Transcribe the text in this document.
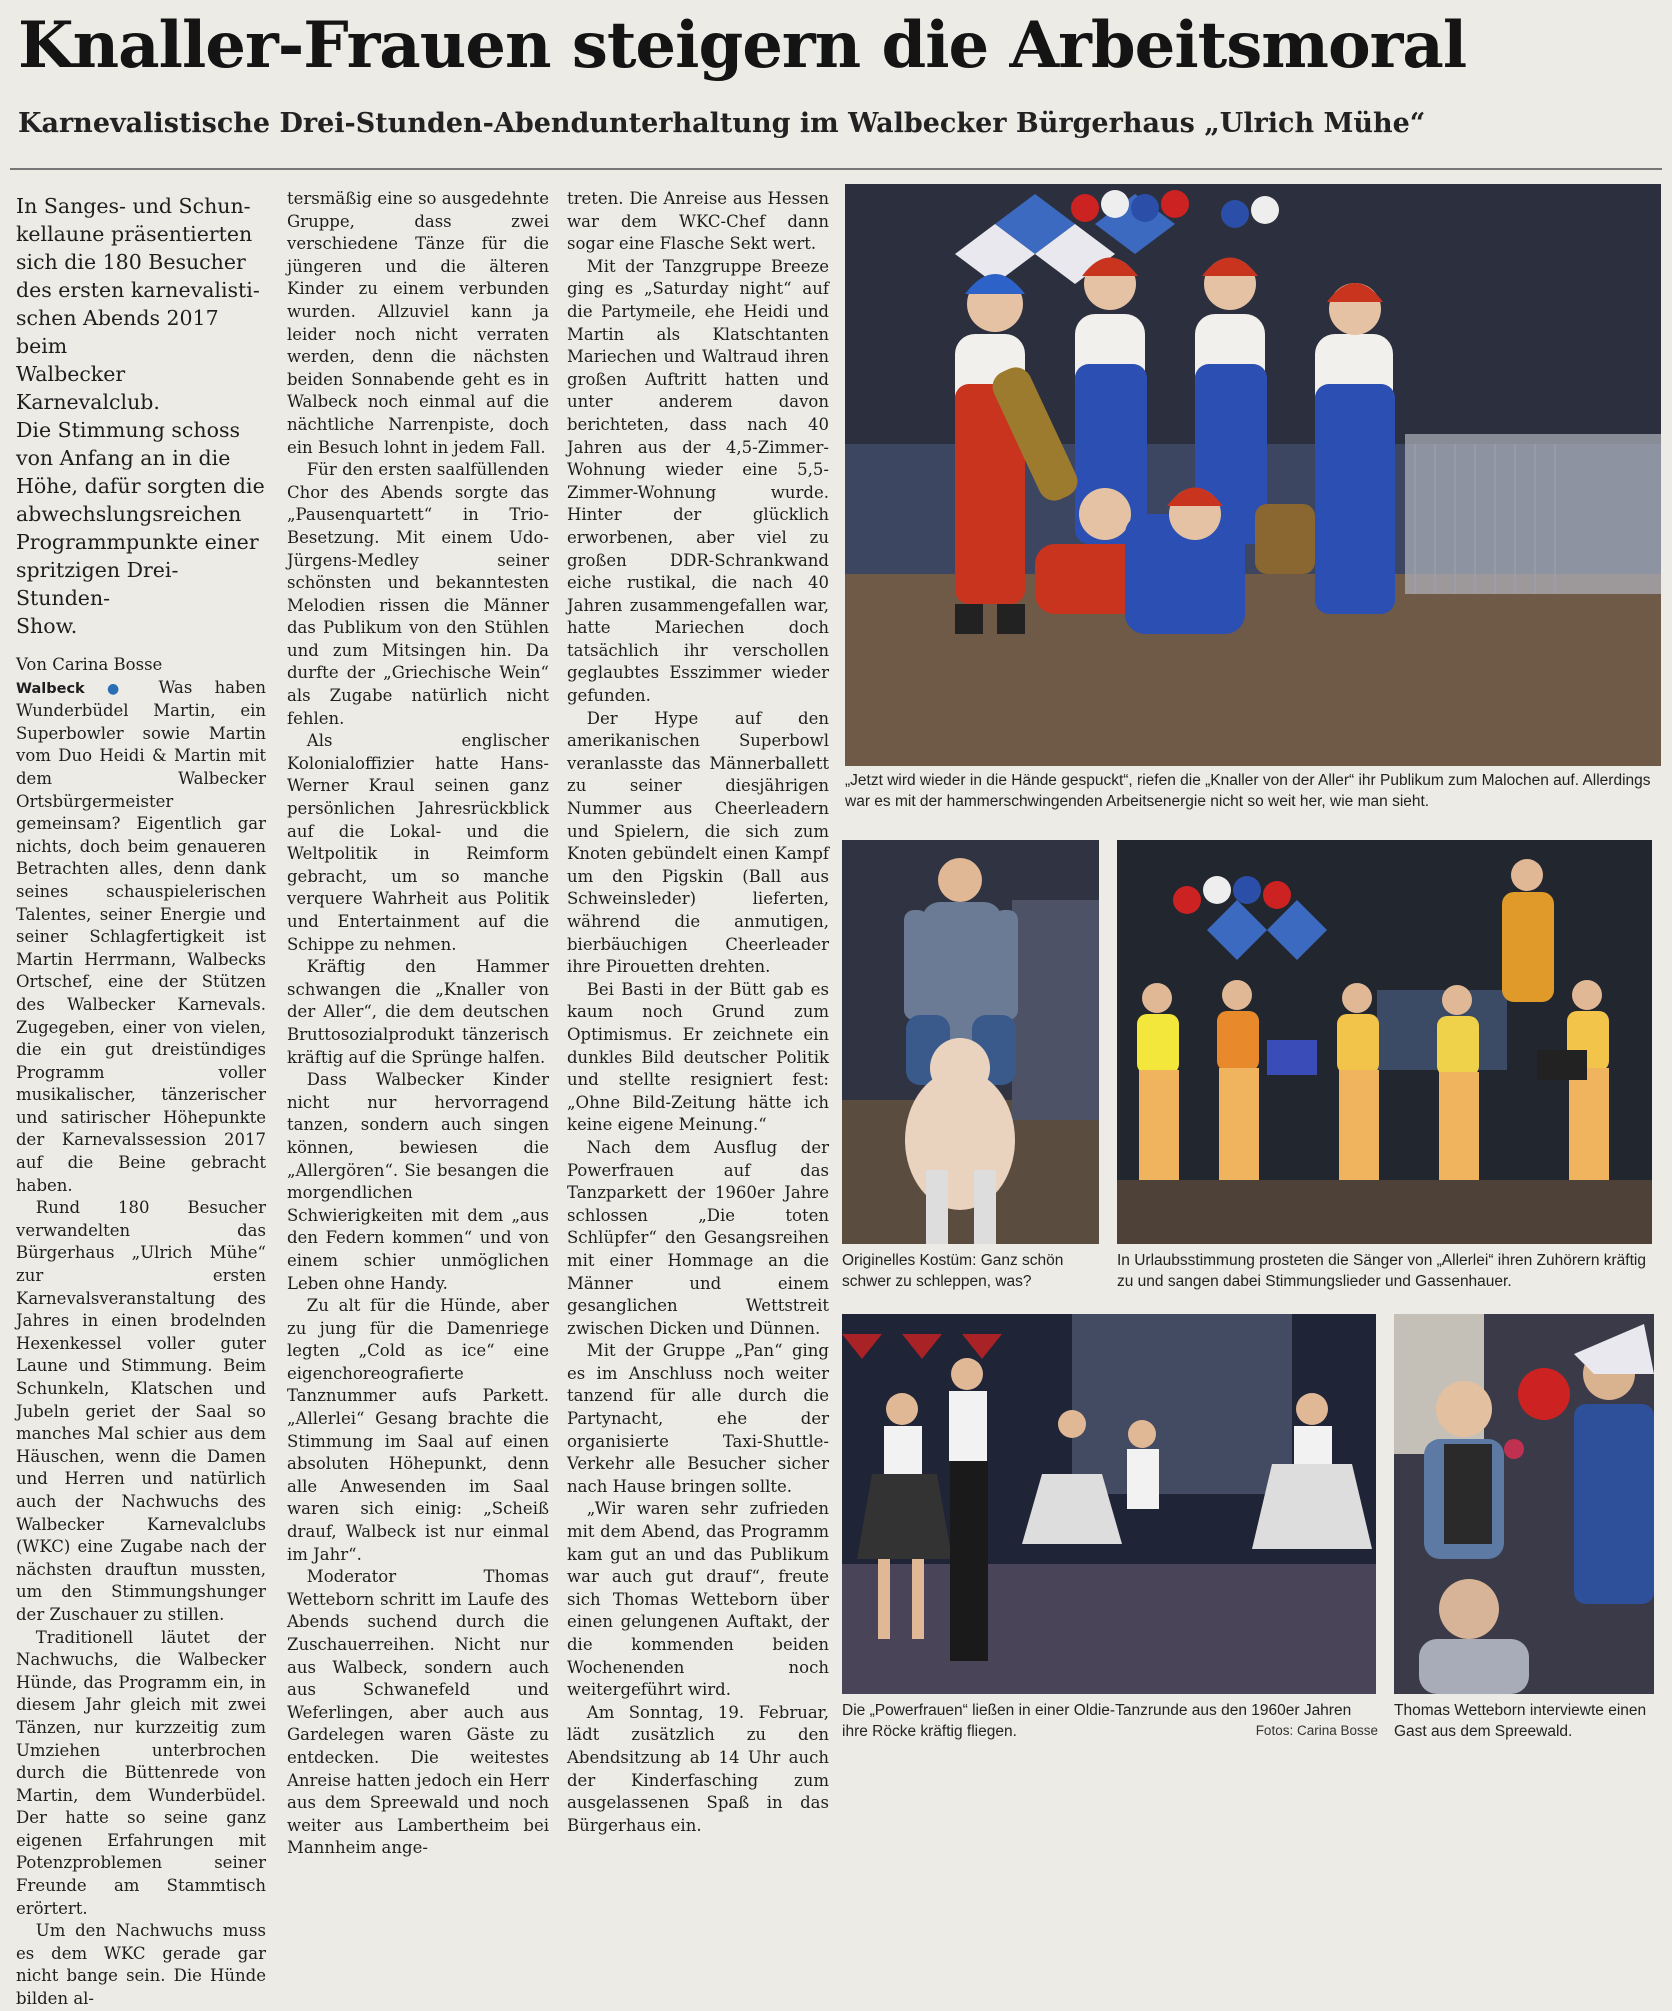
Knaller-Frauen steigern die Arbeitsmoral
Karnevalistische Drei-Stunden-Abendunterhaltung im Walbecker Bürgerhaus „Ulrich Mühe“
In Sanges- und Schun-
kellaune präsentierten
sich die 180 Besucher
des ersten karnevalisti-
schen Abends 2017 beim
Walbecker Karnevalclub.
Die Stimmung schoss
von Anfang an in die
Höhe, dafür sorgten die
abwechslungsreichen
Programmpunkte einer
spritzigen Drei-Stunden-
Show.

Von Carina Bosse

Walbeck ● Was haben Wunderbüdel Martin, ein Superbowler sowie Martin vom Duo Heidi & Martin mit dem Walbecker Ortsbürgermeister gemeinsam? Eigentlich gar nichts, doch beim genaueren Betrachten alles, denn dank seines schauspielerischen Talentes, seiner Energie und seiner Schlagfertigkeit ist Martin Herrmann, Walbecks Ortschef, eine der Stützen des Walbecker Karnevals. Zugegeben, einer von vielen, die ein gut dreistündiges Programm voller musikalischer, tänzerischer und satirischer Höhepunkte der Karnevalssession 2017 auf die Beine gebracht haben.

Rund 180 Besucher verwandelten das Bürgerhaus „Ulrich Mühe“ zur ersten Karnevalsveranstaltung des Jahres in einen brodelnden Hexenkessel voller guter Laune und Stimmung. Beim Schunkeln, Klatschen und Jubeln geriet der Saal so manches Mal schier aus dem Häuschen, wenn die Damen und Herren und natürlich auch der Nachwuchs des Walbecker Karnevalclubs (WKC) eine Zugabe nach der nächsten drauftun mussten, um den Stimmungshunger der Zuschauer zu stillen.

Traditionell läutet der Nachwuchs, die Walbecker Hünde, das Programm ein, in diesem Jahr gleich mit zwei Tänzen, nur kurzzeitig zum Umziehen unterbrochen durch die Büttenrede von Martin, dem Wunderbüdel. Der hatte so seine ganz eigenen Erfahrungen mit Potenzproblemen seiner Freunde am Stammtisch erörtert.

Um den Nachwuchs muss es dem WKC gerade gar nicht bange sein. Die Hünde bilden al-

tersmäßig eine so ausgedehnte Gruppe, dass zwei verschiedene Tänze für die jüngeren und die älteren Kinder zu einem verbunden wurden. Allzuviel kann ja leider noch nicht verraten werden, denn die nächsten beiden Sonnabende geht es in Walbeck noch einmal auf die nächtliche Narrenpiste, doch ein Besuch lohnt in jedem Fall.

Für den ersten saalfüllenden Chor des Abends sorgte das „Pausenquartett“ in Trio-Besetzung. Mit einem Udo-Jürgens-Medley seiner schönsten und bekanntesten Melodien rissen die Männer das Publikum von den Stühlen und zum Mitsingen hin. Da durfte der „Griechische Wein“ als Zugabe natürlich nicht fehlen.

Als englischer Kolonialoffizier hatte Hans-Werner Kraul seinen ganz persönlichen Jahresrückblick auf die Lokal- und die Weltpolitik in Reimform gebracht, um so manche verquere Wahrheit aus Politik und Entertainment auf die Schippe zu nehmen.

Kräftig den Hammer schwangen die „Knaller von der Aller“, die dem deutschen Bruttosozialprodukt tänzerisch kräftig auf die Sprünge halfen.

Dass Walbecker Kinder nicht nur hervorragend tanzen, sondern auch singen können, bewiesen die „Allergören“. Sie besangen die morgendlichen Schwierigkeiten mit dem „aus den Federn kommen“ und von einem schier unmöglichen Leben ohne Handy.

Zu alt für die Hünde, aber zu jung für die Damenriege legten „Cold as ice“ eine eigenchoreografierte Tanznummer aufs Parkett. „Allerlei“ Gesang brachte die Stimmung im Saal auf einen absoluten Höhepunkt, denn alle Anwesenden im Saal waren sich einig: „Scheiß drauf, Walbeck ist nur einmal im Jahr“.

Moderator Thomas Wetteborn schritt im Laufe des Abends suchend durch die Zuschauerreihen. Nicht nur aus Walbeck, sondern auch aus Schwanefeld und Weferlingen, aber auch aus Gardelegen waren Gäste zu entdecken. Die weitestes Anreise hatten jedoch ein Herr aus dem Spreewald und noch weiter aus Lambertheim bei Mannheim ange-

treten. Die Anreise aus Hessen war dem WKC-Chef dann sogar eine Flasche Sekt wert.

Mit der Tanzgruppe Breeze ging es „Saturday night“ auf die Partymeile, ehe Heidi und Martin als Klatschtanten Mariechen und Waltraud ihren großen Auftritt hatten und unter anderem davon berichteten, dass nach 40 Jahren aus der 4,5-Zimmer-Wohnung wieder eine 5,5-Zimmer-Wohnung wurde. Hinter der glücklich erworbenen, aber viel zu großen DDR-Schrankwand eiche rustikal, die nach 40 Jahren zusammengefallen war, hatte Mariechen doch tatsächlich ihr verschollen geglaubtes Esszimmer wieder gefunden.

Der Hype auf den amerikanischen Superbowl veranlasste das Männerballett zu seiner diesjährigen Nummer aus Cheerleadern und Spielern, die sich zum Knoten gebündelt einen Kampf um den Pigskin (Ball aus Schweinsleder) lieferten, während die anmutigen, bierbäuchigen Cheerleader ihre Pirouetten drehten.

Bei Basti in der Bütt gab es kaum noch Grund zum Optimismus. Er zeichnete ein dunkles Bild deutscher Politik und stellte resigniert fest: „Ohne Bild-Zeitung hätte ich keine eigene Meinung.“

Nach dem Ausflug der Powerfrauen auf das Tanzparkett der 1960er Jahre schlossen „Die toten Schlüpfer“ den Gesangsreihen mit einer Hommage an die Männer und einem gesanglichen Wettstreit zwischen Dicken und Dünnen.

Mit der Gruppe „Pan“ ging es im Anschluss noch weiter tanzend für alle durch die Partynacht, ehe der organisierte Taxi-Shuttle-Verkehr alle Besucher sicher nach Hause bringen sollte.

„Wir waren sehr zufrieden mit dem Abend, das Programm kam gut an und das Publikum war auch gut drauf“, freute sich Thomas Wetteborn über einen gelungenen Auftakt, der die kommenden beiden Wochenenden noch weitergeführt wird.

Am Sonntag, 19. Februar, lädt zusätzlich zu den Abendsitzung ab 14 Uhr auch der Kinderfasching zum ausgelassenen Spaß in das Bürgerhaus ein.

„Jetzt wird wieder in die Hände gespuckt“, riefen die „Knaller von der Aller“ ihr Publikum zum Malochen auf. Allerdings war es mit der hammerschwingenden Arbeitsenergie nicht so weit her, wie man sieht.
Originelles Kostüm: Ganz schön schwer zu schleppen, was?
In Urlaubsstimmung prosteten die Sänger von „Allerlei“ ihren Zuhörern kräftig zu und sangen dabei Stimmungslieder und Gassenhauer.
Die „Powerfrauen“ ließen in einer Oldie-Tanzrunde aus den 1960er Jahren ihre Röcke kräftig fliegen.	Fotos: Carina Bosse
Thomas Wetteborn interviewte einen Gast aus dem Spreewald.
